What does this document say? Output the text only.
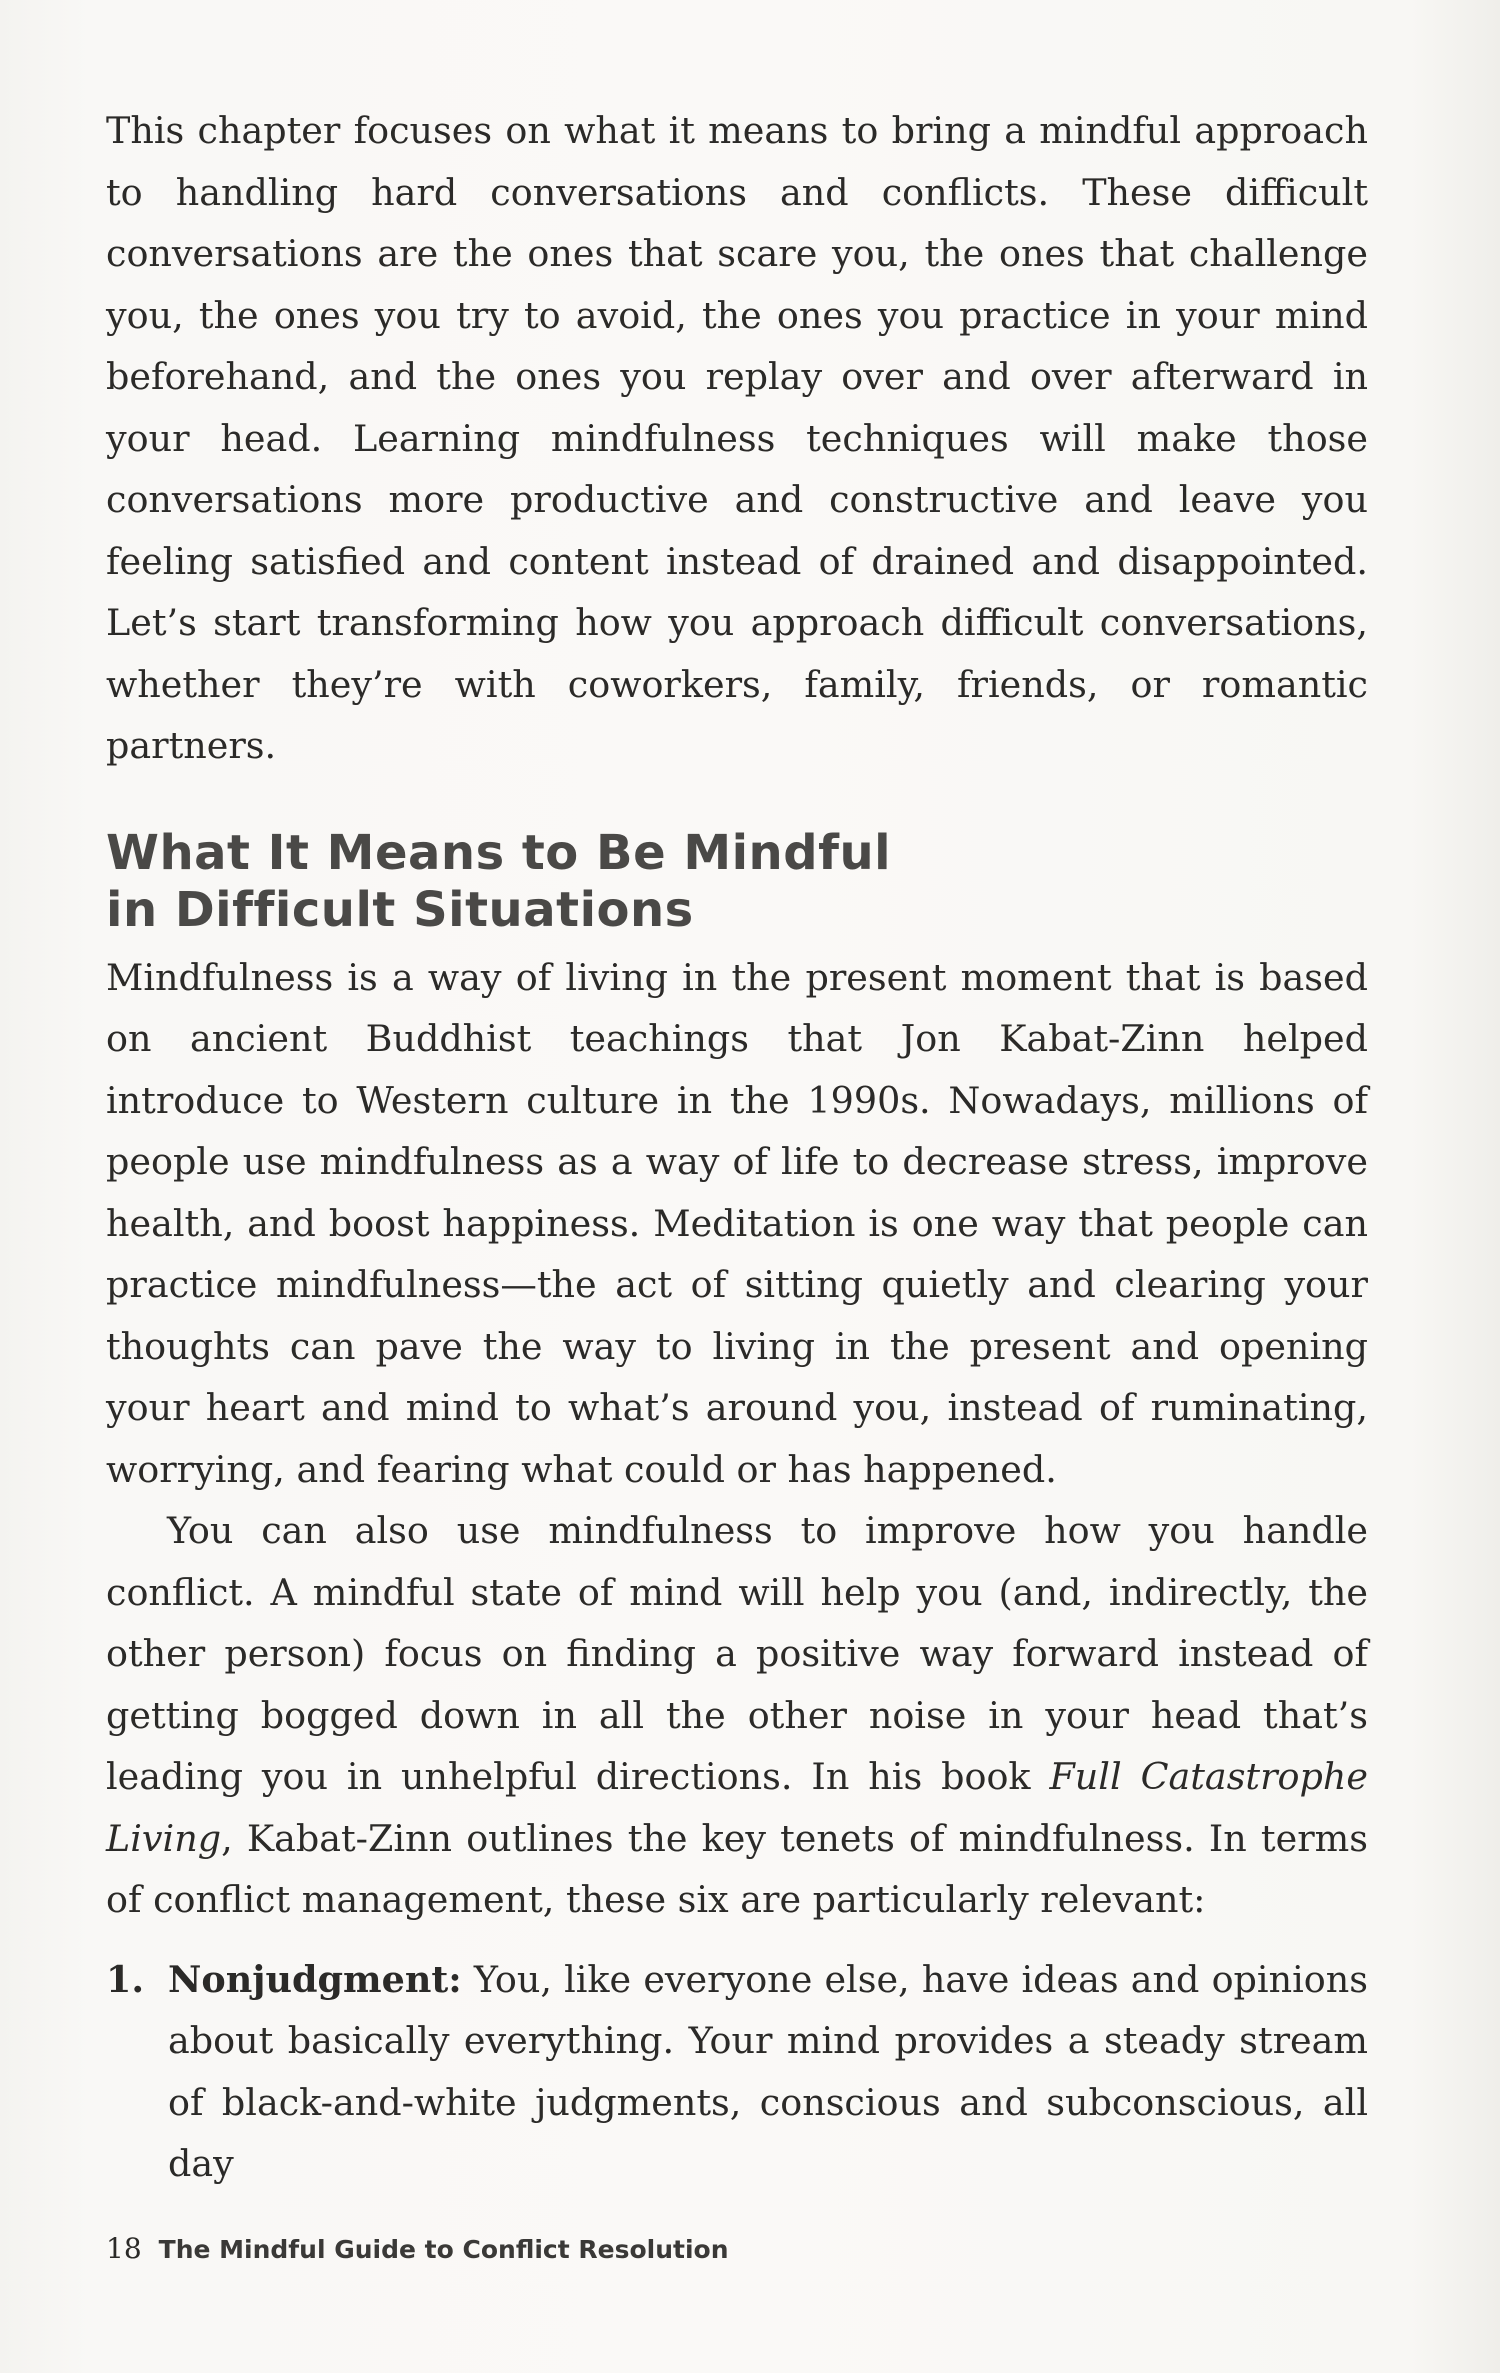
This chapter focuses on what it means to bring a mindful approach to handling hard conversations and conflicts. These difficult conversations are the ones that scare you, the ones that challenge you, the ones you try to avoid, the ones you practice in your mind beforehand, and the ones you replay over and over afterward in your head. Learning mindfulness techniques will make those conversations more productive and constructive and leave you feeling satisfied and content instead of drained and disappointed. Let’s start transforming how you approach difficult conversations, whether they’re with coworkers, family, friends, or romantic partners.

What It Means to Be Mindful
in Difficult Situations

Mindfulness is a way of living in the present moment that is based on ancient Buddhist teachings that Jon Kabat-Zinn helped introduce to Western culture in the 1990s. Nowadays, millions of people use mindfulness as a way of life to decrease stress, improve health, and boost happiness. Meditation is one way that people can practice mindfulness—the act of sitting quietly and clearing your thoughts can pave the way to living in the present and opening your heart and mind to what’s around you, instead of ruminating, worrying, and fearing what could or has happened.

You can also use mindfulness to improve how you handle conflict. A mindful state of mind will help you (and, indirectly, the other person) focus on finding a positive way forward instead of getting bogged down in all the other noise in your head that’s leading you in unhelpful directions. In his book Full Catastrophe Living, Kabat-Zinn outlines the key tenets of mindfulness. In terms of conflict management, these six are particularly relevant:

1. Nonjudgment: You, like everyone else, have ideas and opinions about basically everything. Your mind provides a steady stream of black-and-white judgments, conscious and subconscious, all day
18 The Mindful Guide to Conflict Resolution
